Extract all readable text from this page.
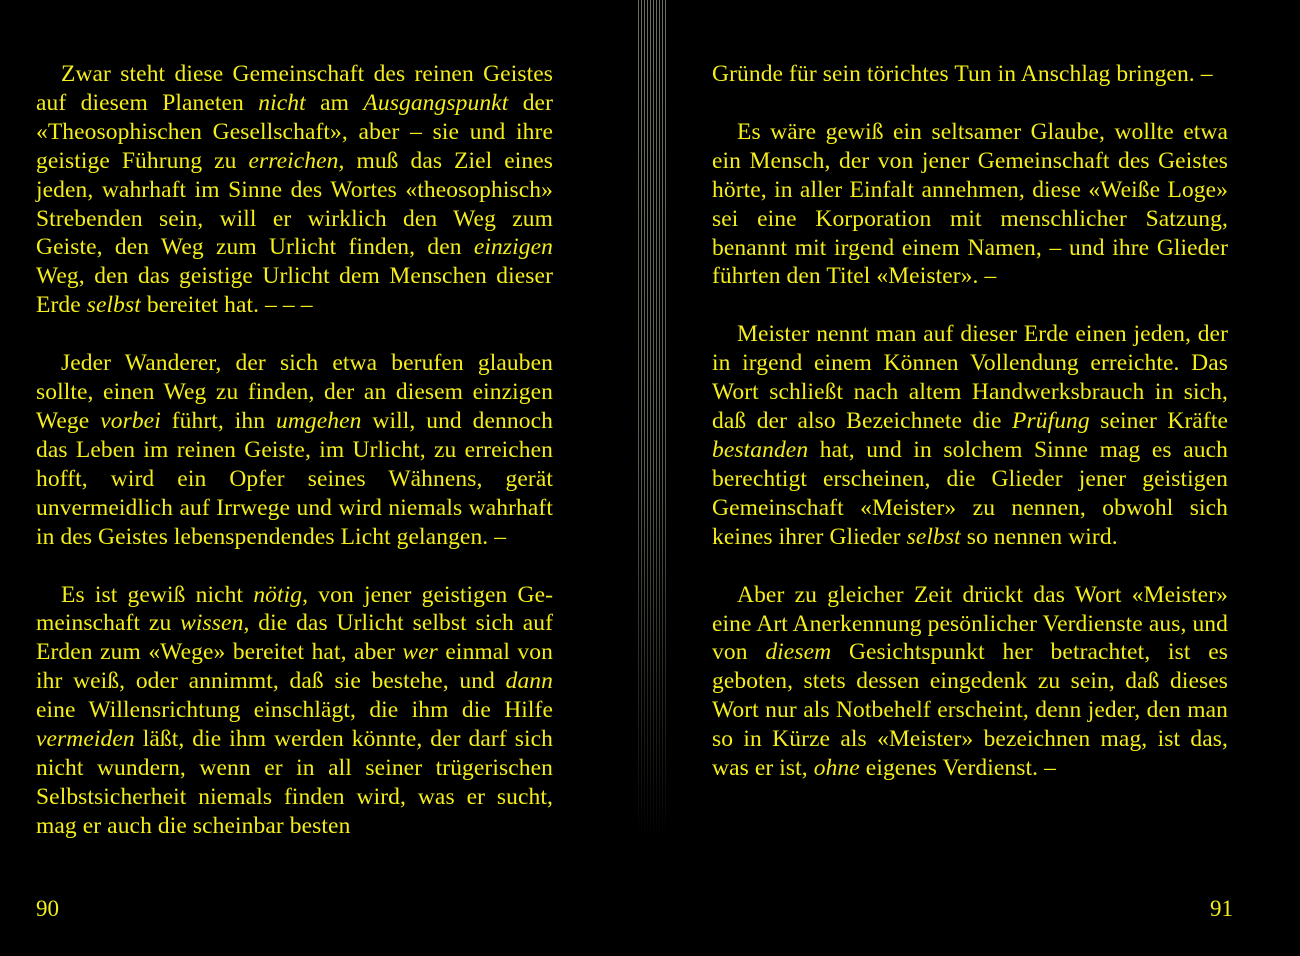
Zwar steht diese Gemeinschaft des reinen Geistes auf diesem Planeten nicht am Ausgangspunkt der «Theosophischen Gesellschaft», aber – sie und ihre geistige Führung zu erreichen, muß das Ziel eines jeden, wahrhaft im Sinne des Wortes «theosophisch» Strebenden sein, will er wirklich den Weg zum Geiste, den Weg zum Urlicht finden, den einzigen Weg, den das geistige Urlicht dem Menschen dieser Erde selbst bereitet hat. – – –

Jeder Wanderer, der sich etwa berufen glauben sollte, einen Weg zu finden, der an diesem einzigen Wege vorbei führt, ihn umgehen will, und dennoch das Leben im reinen Geiste, im Urlicht, zu erreichen hofft, wird ein Opfer seines Wähnens, gerät unvermeidlich auf Irrwege und wird niemals wahrhaft in des Geistes lebenspendendes Licht gelangen. –

Es ist gewiß nicht nötig, von jener geistigen Gemeinschaft zu wissen, die das Urlicht selbst sich auf Erden zum «Wege» bereitet hat, aber wer einmal von ihr weiß, oder annimmt, daß sie bestehe, und dann eine Willensrichtung einschlägt, die ihm die Hilfe vermeiden läßt, die ihm werden könnte, der darf sich nicht wundern, wenn er in all seiner trügerischen Selbstsicherheit niemals finden wird, was er sucht, mag er auch die scheinbar besten

90

Gründe für sein törichtes Tun in Anschlag bringen. –

Es wäre gewiß ein seltsamer Glaube, wollte etwa ein Mensch, der von jener Gemeinschaft des Geistes hörte, in aller Einfalt annehmen, diese «Weiße Loge» sei eine Korporation mit menschlicher Satzung, benannt mit irgend einem Namen, – und ihre Glieder führten den Titel «Meister». –

Meister nennt man auf dieser Erde einen jeden, der in irgend einem Können Vollendung erreichte. Das Wort schließt nach altem Handwerksbrauch in sich, daß der also Bezeichnete die Prüfung seiner Kräfte bestanden hat, und in solchem Sinne mag es auch berechtigt erscheinen, die Glieder jener geistigen Gemeinschaft «Meister» zu nennen, obwohl sich keines ihrer Glieder selbst so nennen wird.

Aber zu gleicher Zeit drückt das Wort «Meister» eine Art Anerkennung pesönlicher Verdienste aus, und von diesem Gesichtspunkt her betrachtet, ist es geboten, stets dessen eingedenk zu sein, daß dieses Wort nur als Notbehelf erscheint, denn jeder, den man so in Kürze als «Meister» bezeichnen mag, ist das, was er ist, ohne eigenes Verdienst. –

91
